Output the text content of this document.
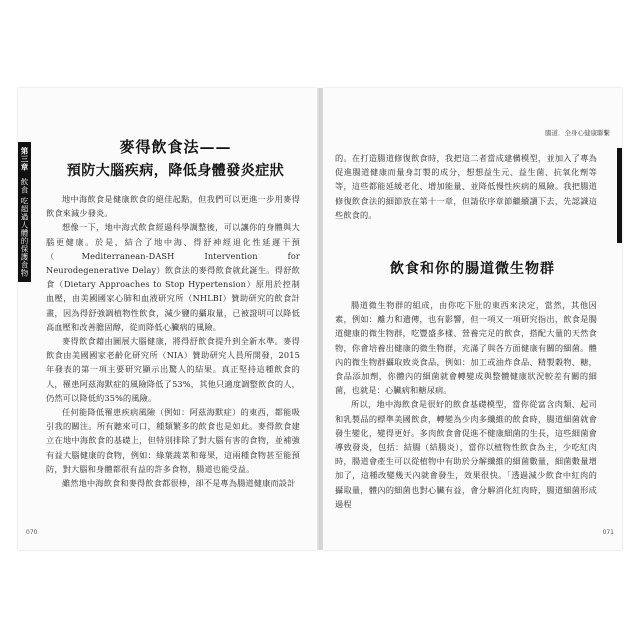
第三章 飲食 吃超過人體的保護食物
麥得飲食法——
預防大腦疾病，降低身體發炎症狀

地中海飲食是健康飲食的絕佳起點，但我們可以更進一步用麥得飲食來減少發炎。

想像一下，地中海式飲食經過科學調整後，可以讓你的身體與大腦更健康。於是，結合了地中海、得舒神經退化性延遲干預（Mediterranean-DASH Intervention for Neurodegenerative Delay）飲食法的麥得飲食就此誕生。得舒飲食（Dietary Approaches to Stop Hypertension）原用於控制血壓，由美國國家心肺和血液研究所（NHLBI）贊助研究的飲食計畫，因為得舒強調植物性飲食，減少鹽的攝取量，已被證明可以降低高血壓和改善膽固醇，從而降低心臟病的風險。

麥得飲食藉由圖展大腦健康，將得舒飲食提升到全新水準。麥得飲食由美國國家老齡化研究所（NIA）贊助研究人員所開發，2015年發表的第一項主要研究顯示出驚人的結果。真正堅持這種飲食的人，罹患阿茲海默症的風險降低了53%，其他只適度調整飲食的人，仍然可以降低約35%的風險。

任何能降低罹患疾病風險（例如：阿茲海默症）的東西，都能吸引我的關注。所有聽來可口，種類繁多的飲食也是如此。麥得飲食建立在地中海飲食的基礎上，但特別排除了對大腦有害的食物，並補強有益大腦健康的食物，例如：綠葉蔬菜和莓果，這兩種食物甚至能預防，對大腦和身體都很有益的許多食物，腸道也能受益。

雖然地中海飲食和麥得飲食都很棒，卻不是專為腸道健康而設計

070
腸道．全身心健康聯繫

的。在打造腸道修復飲食時，我把這二者當成建構模型，並加入了專為促進腸道健康而量身訂製的成分，想想益生元、益生菌、抗氧化劑等等，這些都能延緩老化、增加能量、並降低慢性疾病的風險。我把腸道修復飲食法的細節放在第十一章，但請依序章節繼續讀下去，先認識這些飲食的。

飲食和你的腸道微生物群

腸道微生物群的組成，由你吃下肚的東西來決定，當然，其他因素，例如：離力和遺傳，也有影響，但一項又一項研究指出，飲食是腸道健康的微生物群，吃豐盛多樣、營養完足的飲食，搭配大量的天然食物，你會培養出健康的微生物群，充滿了與各方面健康有關的細菌。體內的微生物群攝取致炎食品，例如：加工或油炸食品、精製穀物、糖，食品添加劑，你體內的細菌就會轉變成與整體健康狀況較差有關的細菌，也就是：心臟病和糖尿病。

所以，地中海飲食是很好的飲食基礎模型，當你從富含肉類、起司和乳製品的標準美國飲食，轉變為少肉多纖維的飲食時，腸道細菌就會發生變化，變得更好。多肉飲食會促進不健康細菌的生長，這些細菌會導致發炎，包括：結腸（結腸炎），當你以植物性飲食為主，少吃紅肉時，腸道會產生可以從植物中有助於分解纖維的細菌數量，細菌數量增加了，這種改變幾天內就會發生，效果很快。「透過減少飲食中紅肉的攝取量，體內的細菌也對心臟有益，會分解消化紅肉時，腸道細菌形成過程

071
